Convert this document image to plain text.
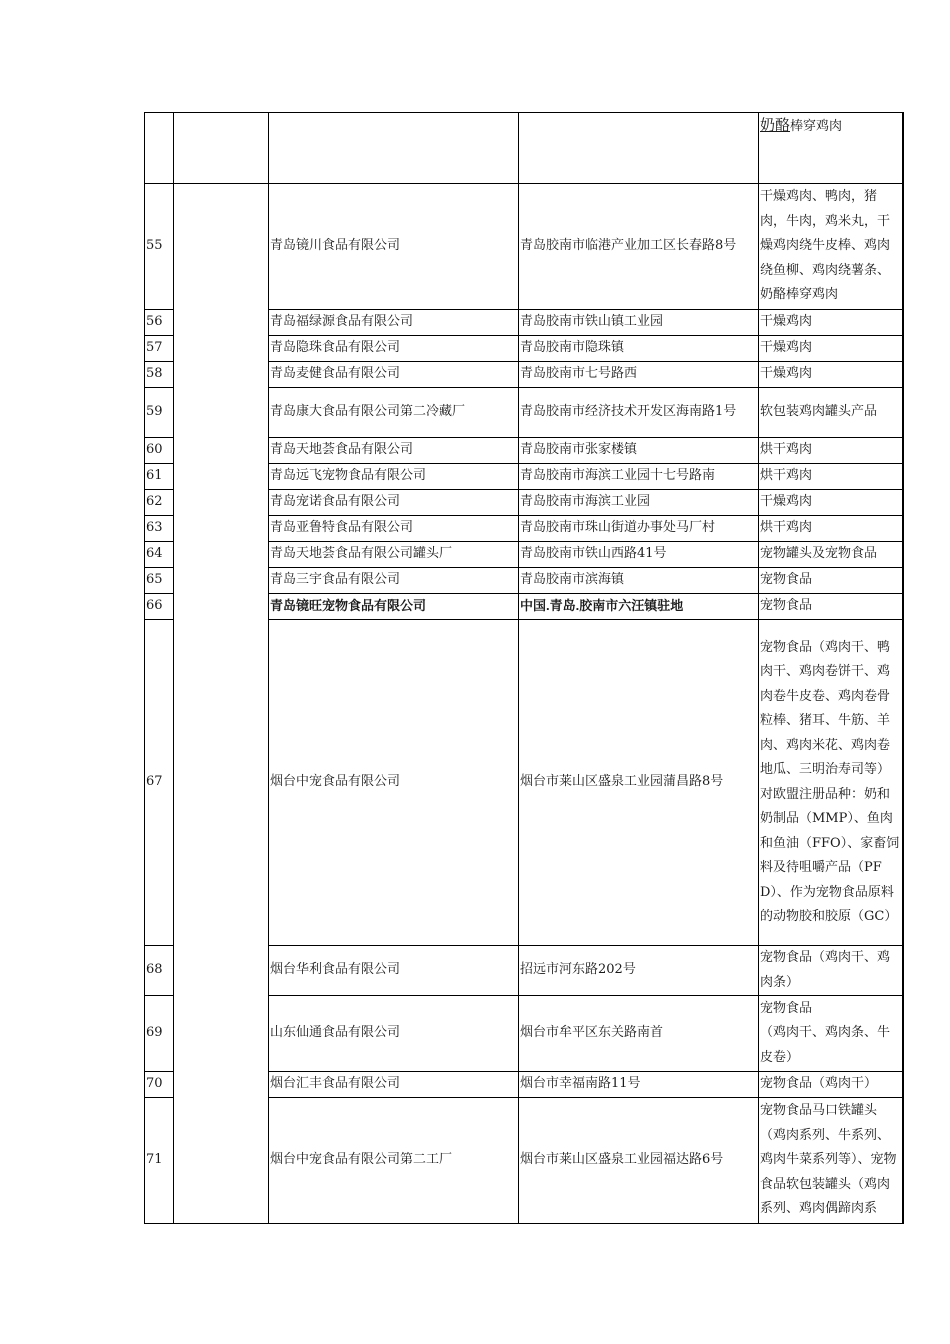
				奶酪棒穿鸡肉
55		青岛镜川食品有限公司	青岛胶南市临港产业加工区长春路8号	干燥鸡肉、鸭肉，猪肉，牛肉，鸡米丸，干燥鸡肉绕牛皮棒、鸡肉绕鱼柳、鸡肉绕薯条、奶酪棒穿鸡肉
56		青岛福绿源食品有限公司	青岛胶南市铁山镇工业园	干燥鸡肉
57		青岛隐珠食品有限公司	青岛胶南市隐珠镇	干燥鸡肉
58		青岛麦健食品有限公司	青岛胶南市七号路西	干燥鸡肉
59		青岛康大食品有限公司第二冷藏厂	青岛胶南市经济技术开发区海南路1号	软包装鸡肉罐头产品
60		青岛天地荟食品有限公司	青岛胶南市张家楼镇	烘干鸡肉
61		青岛远飞宠物食品有限公司	青岛胶南市海滨工业园十七号路南	烘干鸡肉
62		青岛宠诺食品有限公司	青岛胶南市海滨工业园	干燥鸡肉
63		青岛亚鲁特食品有限公司	青岛胶南市珠山街道办事处马厂村	烘干鸡肉
64		青岛天地荟食品有限公司罐头厂	青岛胶南市铁山西路41号	宠物罐头及宠物食品
65		青岛三宇食品有限公司	青岛胶南市滨海镇	宠物食品
66		青岛镜旺宠物食品有限公司	中国.青岛.胶南市六汪镇驻地	宠物食品
67		烟台中宠食品有限公司	烟台市莱山区盛泉工业园蒲昌路8号	宠物食品（鸡肉干、鸭肉干、鸡肉卷饼干、鸡肉卷牛皮卷、鸡肉卷骨粒棒、猪耳、牛筋、羊肉、鸡肉米花、鸡肉卷地瓜、三明治寿司等）对欧盟注册品种：奶和奶制品（MMP）、鱼肉和鱼油（FFO）、家畜饲料及待咀嚼产品（PFD）、作为宠物食品原料的动物胶和胶原（GC）
68		烟台华利食品有限公司	招远市河东路202号	宠物食品（鸡肉干、鸡肉条）
69		山东仙通食品有限公司	烟台市牟平区东关路南首	宠物食品
（鸡肉干、鸡肉条、牛皮卷）

70		烟台汇丰食品有限公司	烟台市幸福南路11号	宠物食品（鸡肉干）
71		烟台中宠食品有限公司第二工厂	烟台市莱山区盛泉工业园福达路6号	宠物食品马口铁罐头（鸡肉系列、牛系列、鸡肉牛菜系列等）、宠物食品软包装罐头（鸡肉系列、鸡肉偶蹄肉系
